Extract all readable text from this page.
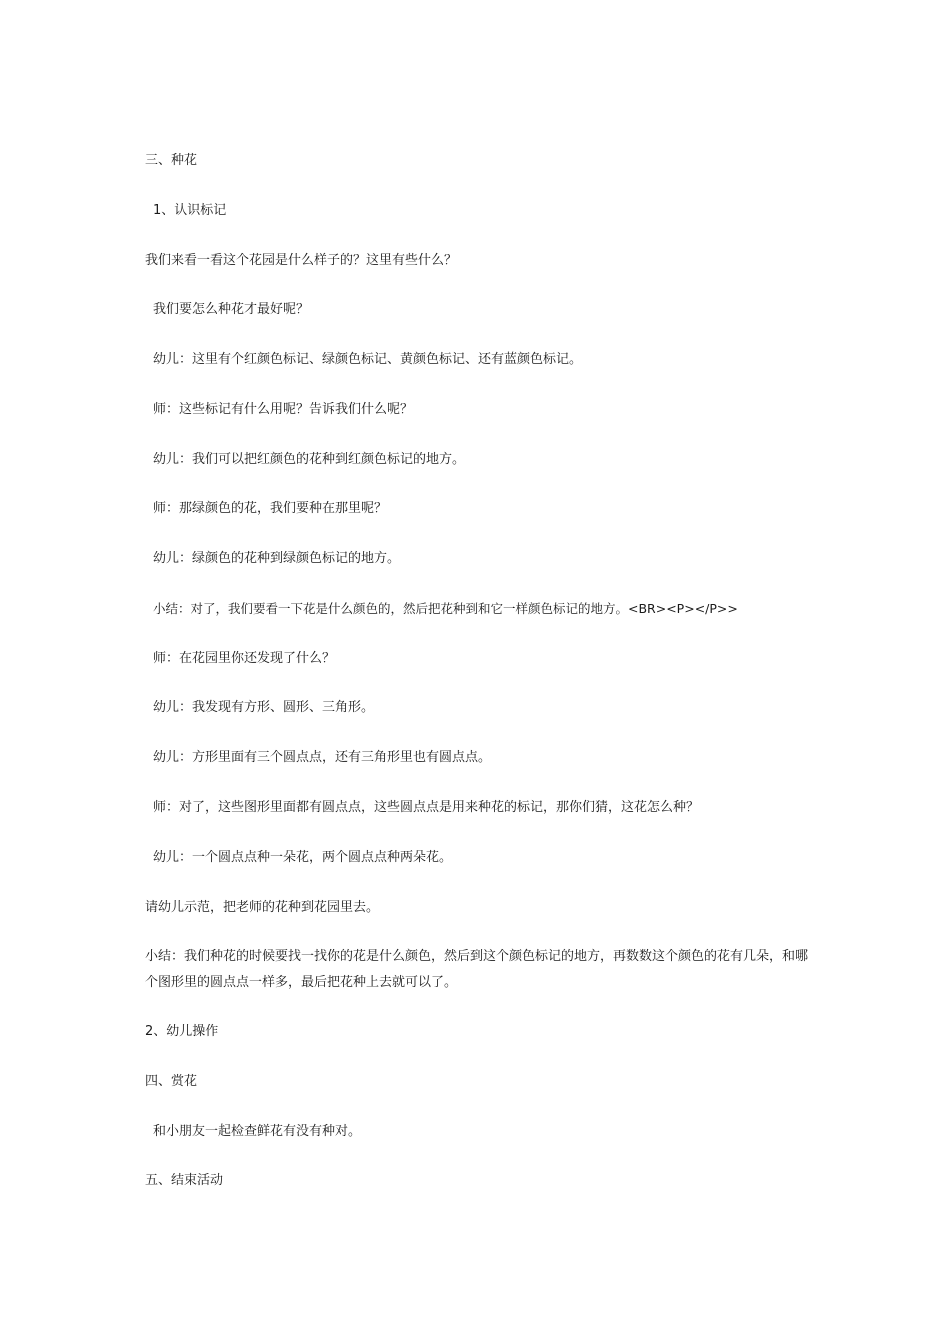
三、种花
1、认识标记
我们来看一看这个花园是什么样子的？这里有些什么？
我们要怎么种花才最好呢？
幼儿：这里有个红颜色标记、绿颜色标记、黄颜色标记、还有蓝颜色标记。
师：这些标记有什么用呢？告诉我们什么呢？
幼儿：我们可以把红颜色的花种到红颜色标记的地方。
师：那绿颜色的花，我们要种在那里呢？
幼儿：绿颜色的花种到绿颜色标记的地方。
小结：对了，我们要看一下花是什么颜色的，然后把花种到和它一样颜色标记的地方。<BR><P></P>>
师：在花园里你还发现了什么？
幼儿：我发现有方形、圆形、三角形。
幼儿：方形里面有三个圆点点，还有三角形里也有圆点点。
师：对了，这些图形里面都有圆点点，这些圆点点是用来种花的标记，那你们猜，这花怎么种？
幼儿：一个圆点点种一朵花，两个圆点点种两朵花。
请幼儿示范，把老师的花种到花园里去。
小结：我们种花的时候要找一找你的花是什么颜色，然后到这个颜色标记的地方，再数数这个颜色的花有几朵，和哪个图形里的圆点点一样多，最后把花种上去就可以了。
2、幼儿操作
四、赏花
和小朋友一起检查鲜花有没有种对。
五、结束活动
